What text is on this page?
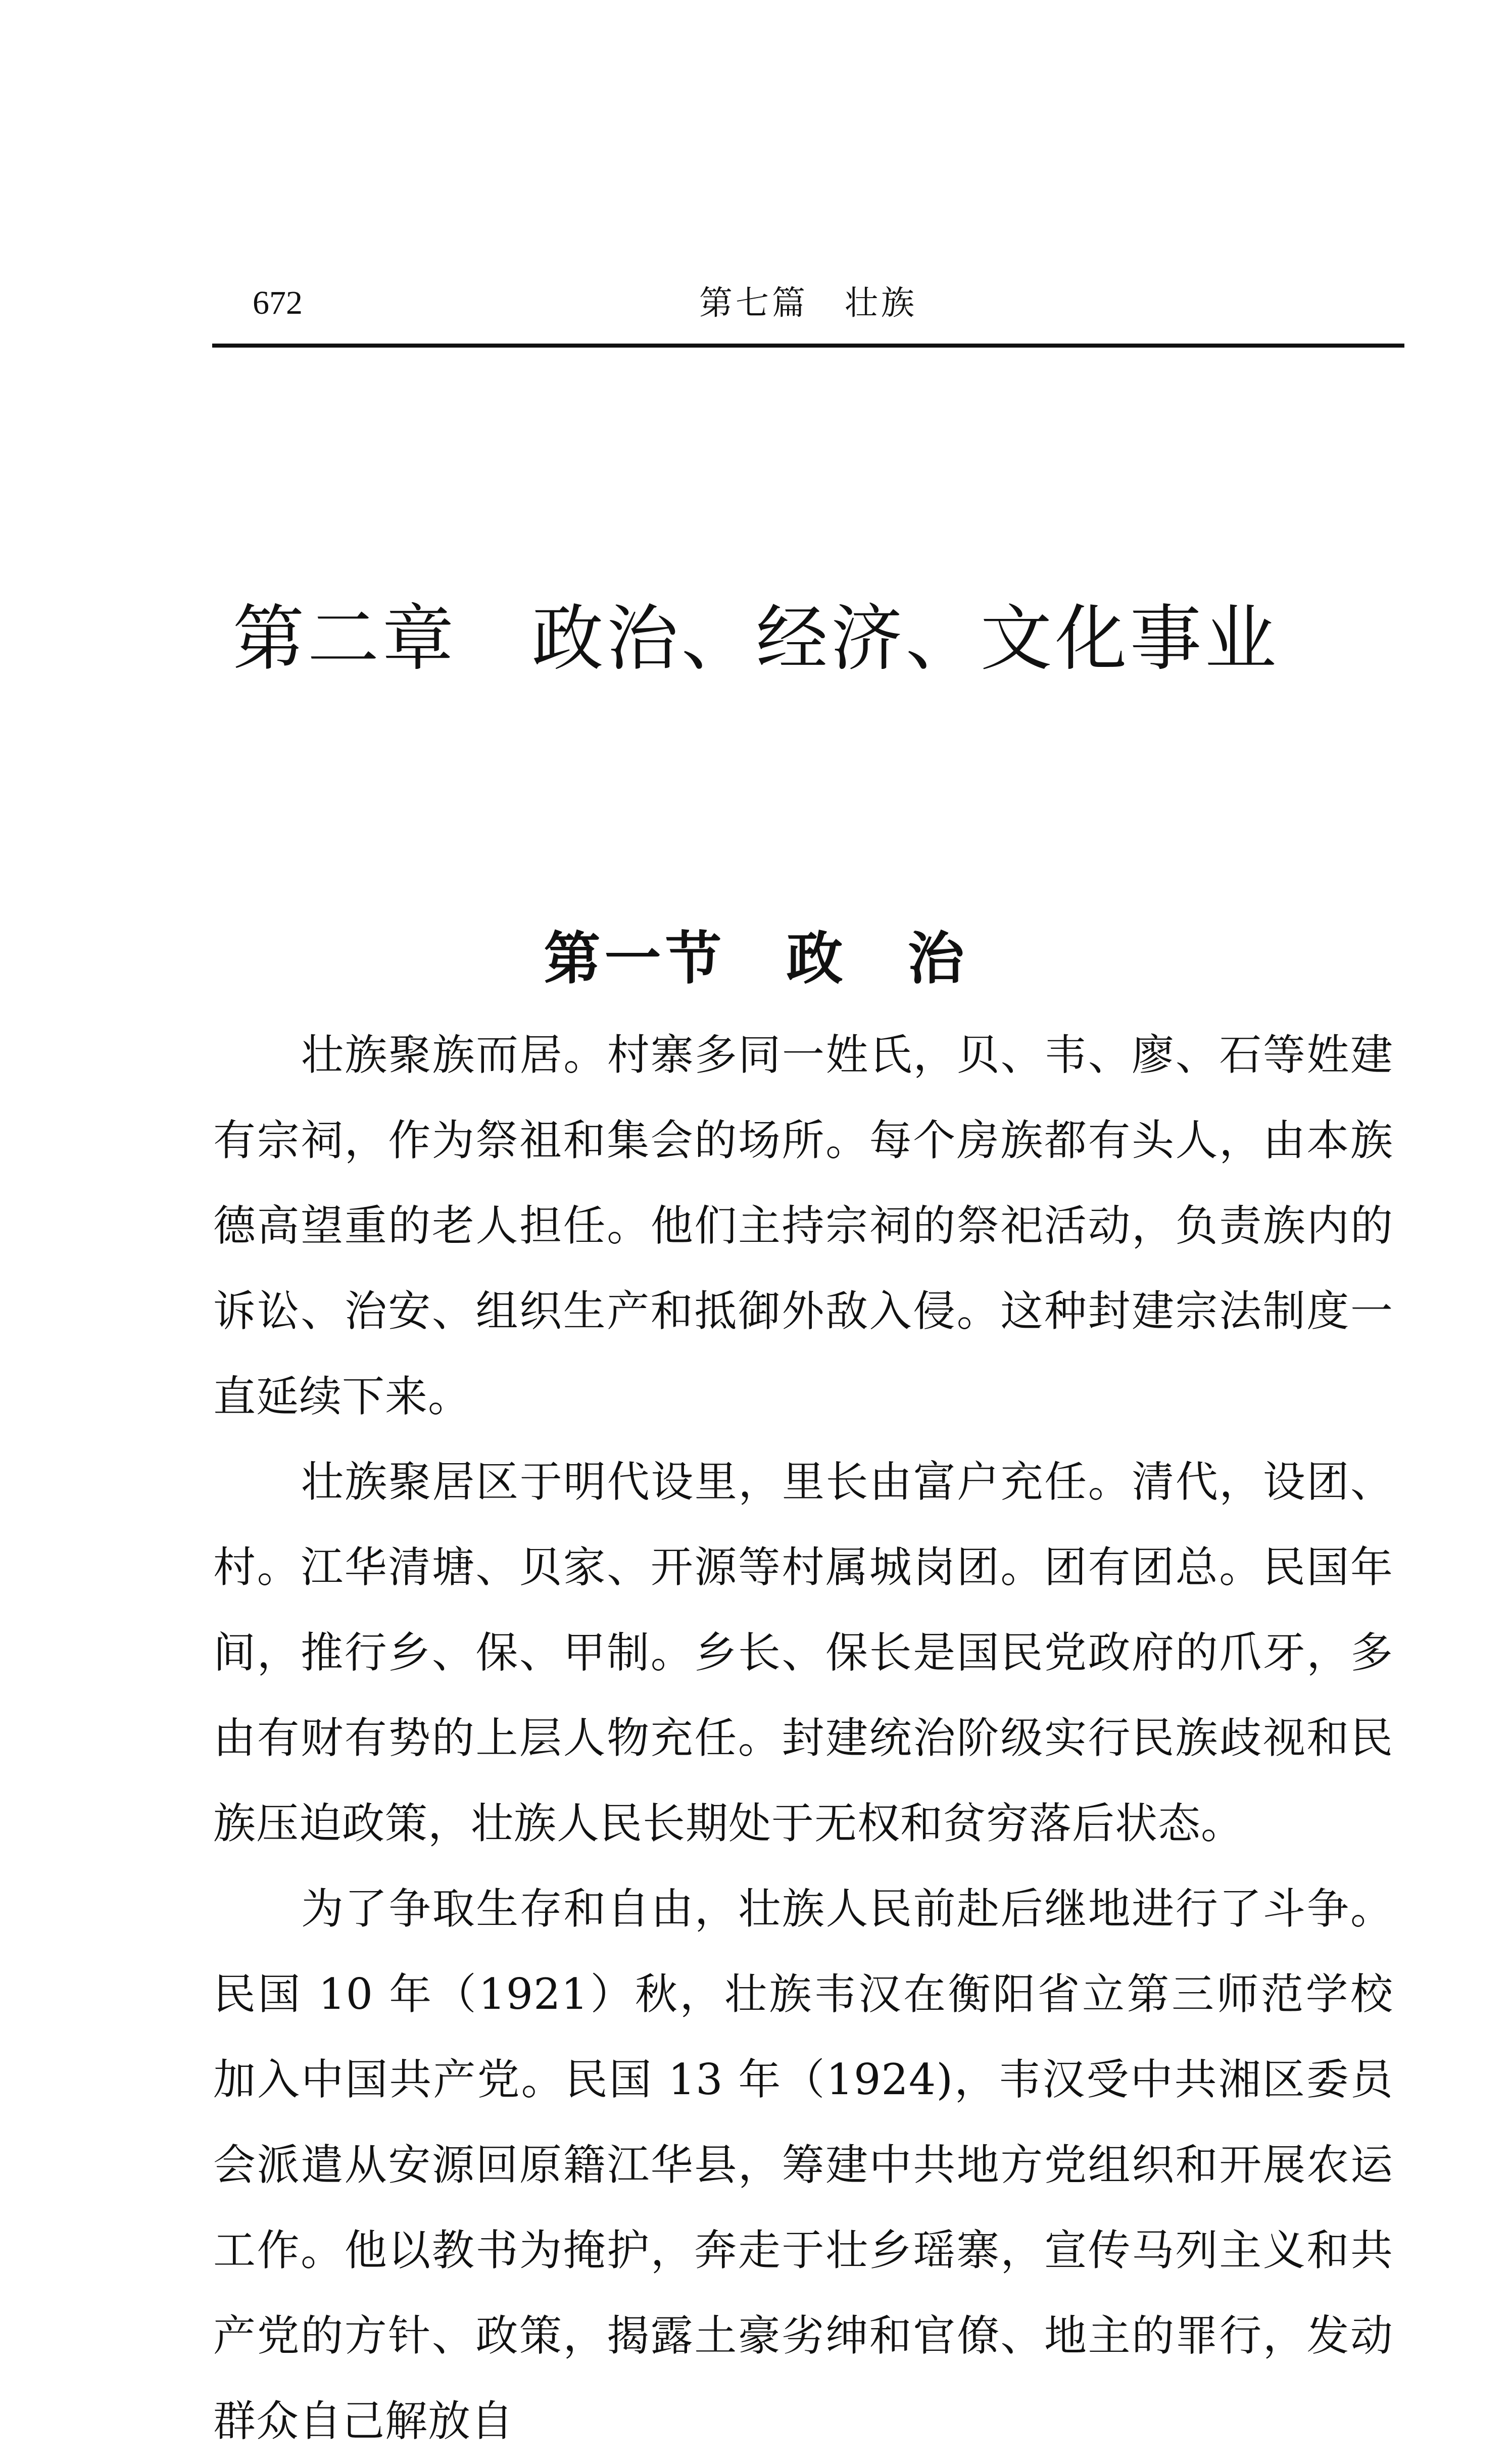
672	第七篇　壮族
第二章　政治、经济、文化事业
第一节　政　治

壮族聚族而居。村寨多同一姓氏，贝、韦、廖、石等姓建有宗祠，作为祭祖和集会的场所。每个房族都有头人，由本族德高望重的老人担任。他们主持宗祠的祭祀活动，负责族内的诉讼、治安、组织生产和抵御外敌入侵。这种封建宗法制度一直延续下来。

壮族聚居区于明代设里，里长由富户充任。清代，设团、村。江华清塘、贝家、开源等村属城岗团。团有团总。民国年间，推行乡、保、甲制。乡长、保长是国民党政府的爪牙，多由有财有势的上层人物充任。封建统治阶级实行民族歧视和民族压迫政策，壮族人民长期处于无权和贫穷落后状态。

为了争取生存和自由，壮族人民前赴后继地进行了斗争。民国 10 年（1921）秋，壮族韦汉在衡阳省立第三师范学校加入中国共产党。民国 13 年（1924)，韦汉受中共湘区委员会派遣从安源回原籍江华县，筹建中共地方党组织和开展农运工作。他以教书为掩护，奔走于壮乡瑶寨，宣传马列主义和共产党的方针、政策，揭露土豪劣绅和官僚、地主的罪行，发动群众自己解放自
